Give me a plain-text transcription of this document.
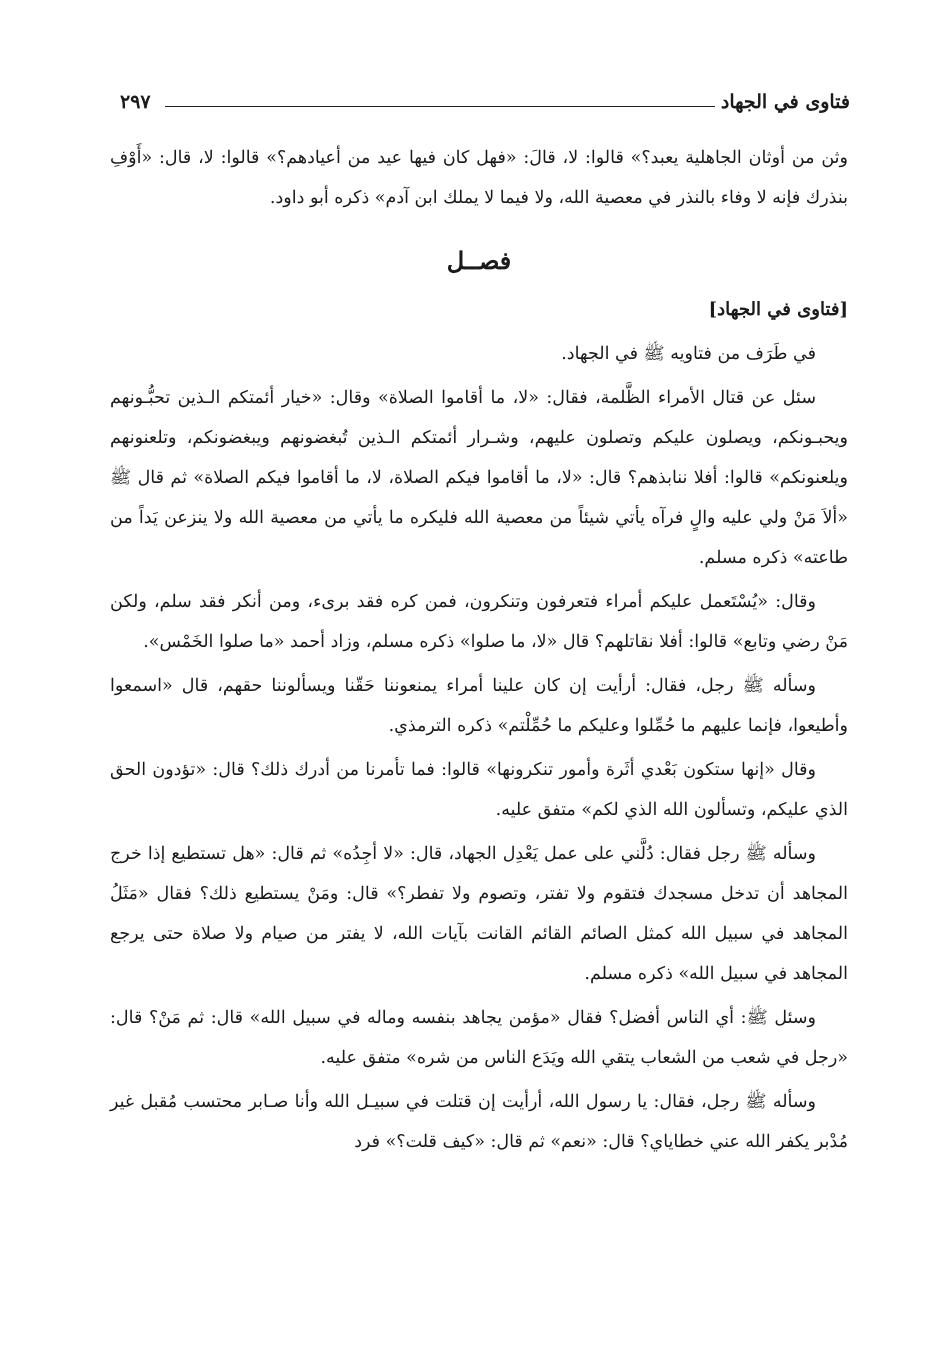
فتاوى في الجهاد
٢٩٧

وثن من أوثان الجاهلية يعبد؟» قالوا: لا، قالَ: «فهل كان فيها عيد من أعيادهم؟» قالوا: لا، قال: «أَوْفِ بنذرك فإنه لا وفاء بالنذر في معصية الله، ولا فيما لا يملك ابن آدم» ذكره أبو داود.

فصــل
[فتاوى في الجهاد]

في طَرَف من فتاويه ﷺ في الجهاد.

سئل عن قتال الأمراء الظَّلمة، فقال: «لا، ما أقاموا الصلاة» وقال: «خيار أئمتكم الـذين تحبُّـونهم ويحبـونكم، ويصلون عليكم وتصلون عليهم، وشـرار أئمتكم الـذين تُبغضونهم ويبغضونكم، وتلعنونهم ويلعنونكم» قالوا: أفلا ننابذهم؟ قال: «لا، ما أقاموا فيكم الصلاة، لا، ما أقاموا فيكم الصلاة» ثم قال ﷺ «ألاَ مَنْ ولي عليه والٍ فرآه يأتي شيئاً من معصية الله فليكره ما يأتي من معصية الله ولا ينزعن يَداً من طاعته» ذكره مسلم.

وقال: «يُسْتَعمل عليكم أمراء فتعرفون وتنكرون، فمن كره فقد برىء، ومن أنكر فقد سلم، ولكن مَنْ رضي وتابع» قالوا: أفلا نقاتلهم؟ قال «لا، ما صلوا» ذكره مسلم، وزاد أحمد «ما صلوا الخَمْس».

وسأله ﷺ رجل، فقال: أرأيت إن كان علينا أمراء يمنعوننا حَقّنا ويسألوننا حقهم، قال «اسمعوا وأطيعوا، فإنما عليهم ما حُمِّلوا وعليكم ما حُمِّلْتم» ذكره الترمذي.

وقال «إنها ستكون بَعْدي أثَرة وأمور تنكرونها» قالوا: فما تأمرنا من أدرك ذلك؟ قال: «تؤدون الحق الذي عليكم، وتسألون الله الذي لكم» متفق عليه.

وسأله ﷺ رجل فقال: دُلَّني على عمل يَعْدِل الجهاد، قال: «لا أجِدُه» ثم قال: «هل تستطيع إذا خرج المجاهد أن تدخل مسجدك فتقوم ولا تفتر، وتصوم ولا تفطر؟» قال: ومَنْ يستطيع ذلك؟ فقال «مَثَلُ المجاهد في سبيل الله كمثل الصائم القائم القانت بآيات الله، لا يفتر من صيام ولا صلاة حتى يرجع المجاهد في سبيل الله» ذكره مسلم.

وسئل ﷺ: أي الناس أفضل؟ فقال «مؤمن يجاهد بنفسه وماله في سبيل الله» قال: ثم مَنْ؟ قال: «رجل في شعب من الشعاب يتقي الله ويَدَع الناس من شره» متفق عليه.

وسأله ﷺ رجل، فقال: يا رسول الله، أرأيت إن قتلت في سبيـل الله وأنا صـابر محتسب مُقبل غير مُدْبر يكفر الله عني خطاياي؟ قال: «نعم» ثم قال: «كيف قلت؟» فرد
